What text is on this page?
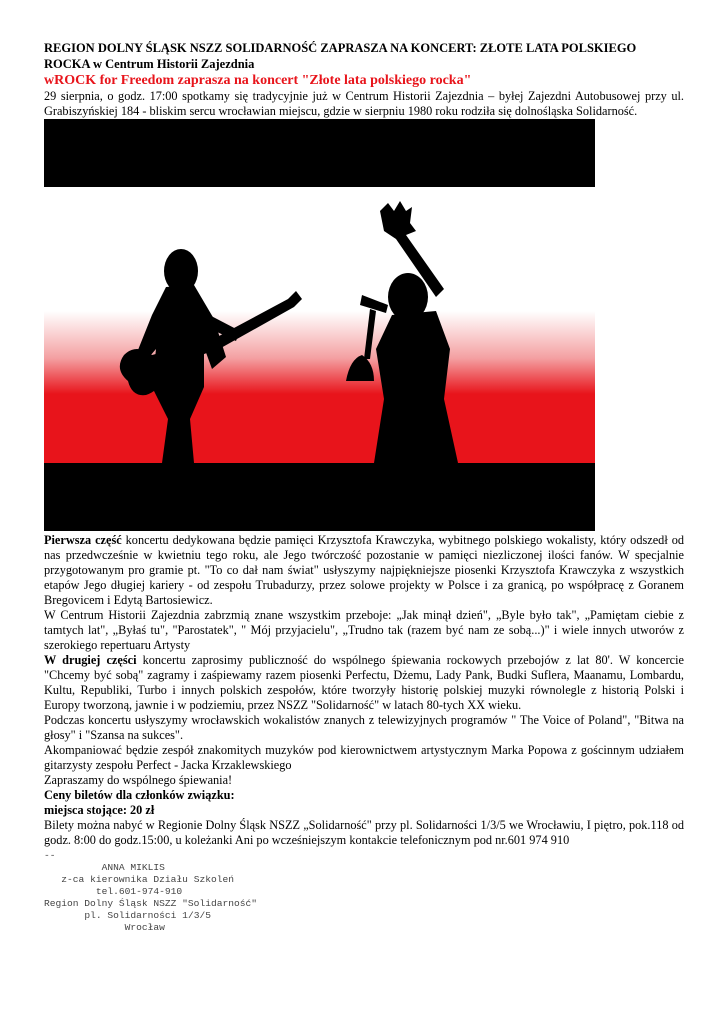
REGION DOLNY ŚLĄSK NSZZ SOLIDARNOŚĆ ZAPRASZA NA KONCERT: ZŁOTE LATA POLSKIEGO ROCKA w Centrum Historii Zajezdnia

wROCK for Freedom zaprasza na koncert "Złote lata polskiego rocka"

29 sierpnia, o godz. 17:00 spotkamy się tradycyjnie już w Centrum Historii Zajezdnia – byłej Zajezdni Autobusowej przy ul. Grabiszyńskiej 184 - bliskim sercu wrocławian miejscu, gdzie w sierpniu 1980 roku rodziła się dolnośląska Solidarność.

Pierwsza część koncertu dedykowana będzie pamięci Krzysztofa Krawczyka, wybitnego polskiego wokalisty, który odszedł od nas przedwcześnie w kwietniu tego roku, ale Jego twórczość pozostanie w pamięci niezliczonej ilości fanów. W specjalnie przygotowanym pro gramie pt. "To co dał nam świat" usłyszymy najpiękniejsze piosenki Krzysztofa Krawczyka z wszystkich etapów Jego długiej kariery - od zespołu Trubadurzy, przez solowe projekty w Polsce i za granicą, po współpracę z Goranem Bregovicem i Edytą Bartosiewicz.

W Centrum Historii Zajezdnia zabrzmią znane wszystkim przeboje: „Jak minął dzień", „Byle było tak", „Pamiętam ciebie z tamtych lat", „Byłaś tu", "Parostatek", " Mój przyjacielu", „Trudno tak (razem być nam ze sobą...)" i wiele innych utworów z szerokiego repertuaru Artysty

W drugiej części koncertu zaprosimy publiczność do wspólnego śpiewania rockowych przebojów z lat 80'. W koncercie "Chcemy być sobą" zagramy i zaśpiewamy razem piosenki Perfectu, Dżemu, Lady Pank, Budki Suflera, Maanamu, Lombardu, Kultu, Republiki, Turbo i innych polskich zespołów, które tworzyły historię polskiej muzyki równolegle z historią Polski i Europy tworzoną, jawnie i w podziemiu, przez NSZZ "Solidarność" w latach 80-tych XX wieku.

Podczas koncertu usłyszymy wrocławskich wokalistów znanych z telewizyjnych programów " The Voice of Poland", "Bitwa na głosy" i "Szansa na sukces".

Akompaniować będzie zespół znakomitych muzyków pod kierownictwem artystycznym Marka Popowa z gościnnym udziałem gitarzysty zespołu Perfect - Jacka Krzaklewskiego

Zapraszamy do wspólnego śpiewania!

Ceny biletów dla członków związku:

miejsca stojące: 20 zł

Bilety można nabyć w Regionie Dolny Śląsk NSZZ „Solidarność" przy pl. Solidarności 1/3/5 we Wrocławiu, I piętro, pok.118 od godz. 8:00 do godz.15:00, u koleżanki Ani po wcześniejszym kontakcie telefonicznym pod nr.601 974 910

--
ANNA MIKLIS
z-ca kierownika Działu Szkoleń
tel.601-974-910
Region Dolny Śląsk NSZZ "Solidarność"
pl. Solidarności 1/3/5
Wrocław
